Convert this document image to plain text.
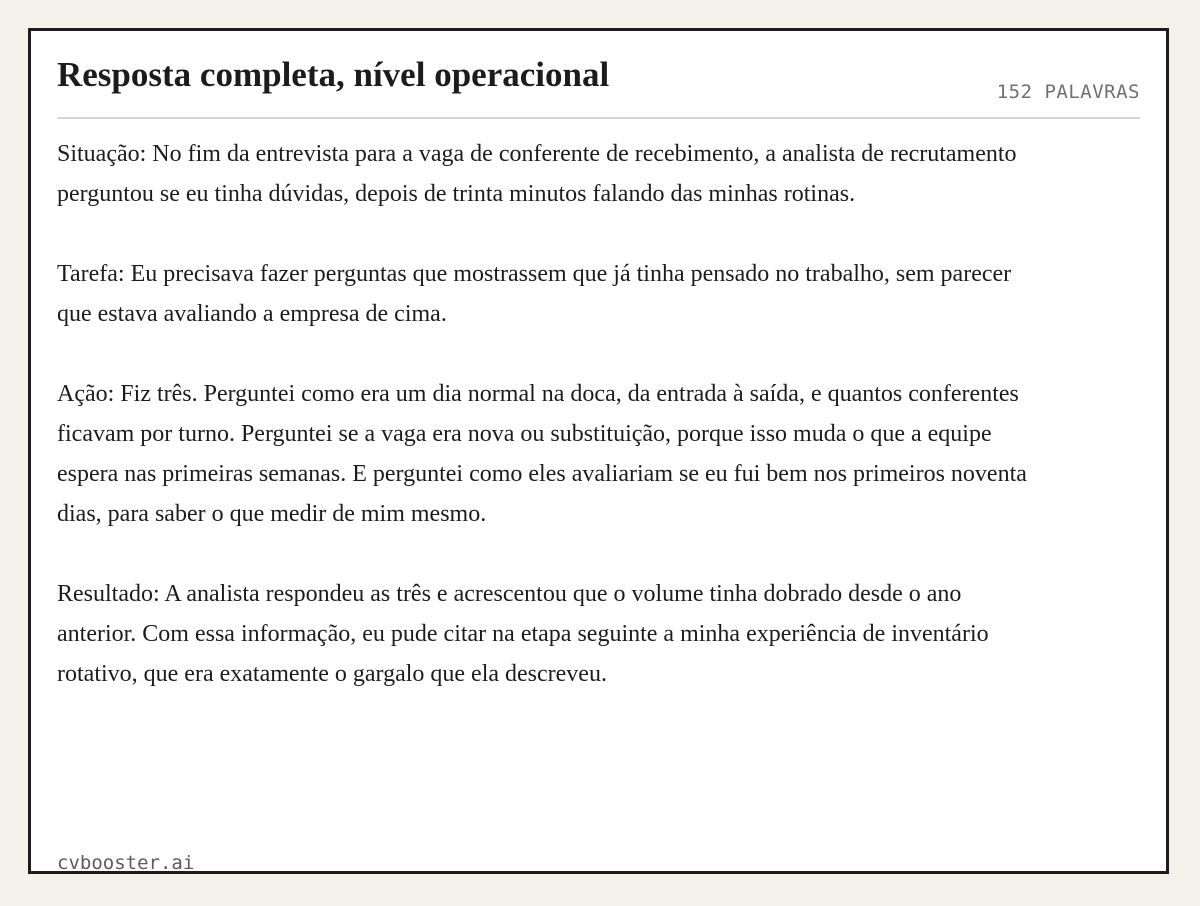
Resposta completa, nível operacional	152 PALAVRAS

Situação: No fim da entrevista para a vaga de conferente de recebimento, a analista de recrutamento perguntou se eu tinha dúvidas, depois de trinta minutos falando das minhas rotinas.

Tarefa: Eu precisava fazer perguntas que mostrassem que já tinha pensado no trabalho, sem parecer que estava avaliando a empresa de cima.

Ação: Fiz três. Perguntei como era um dia normal na doca, da entrada à saída, e quantos conferentes ficavam por turno. Perguntei se a vaga era nova ou substituição, porque isso muda o que a equipe espera nas primeiras semanas. E perguntei como eles avaliariam se eu fui bem nos primeiros noventa dias, para saber o que medir de mim mesmo.

Resultado: A analista respondeu as três e acrescentou que o volume tinha dobrado desde o ano anterior. Com essa informação, eu pude citar na etapa seguinte a minha experiência de inventário rotativo, que era exatamente o gargalo que ela descreveu.

cvbooster.ai
